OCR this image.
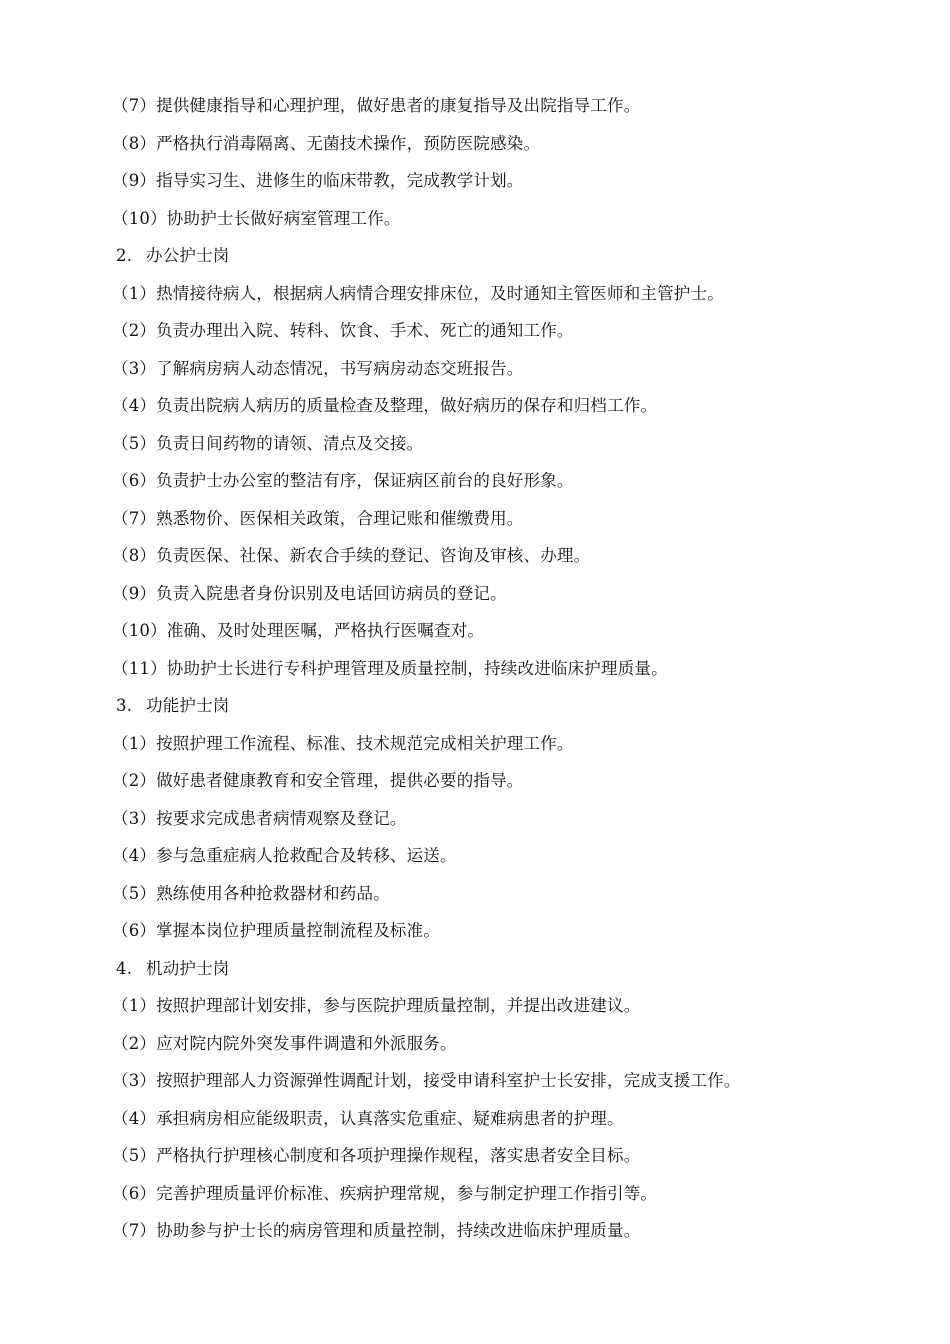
（7）提供健康指导和心理护理，做好患者的康复指导及出院指导工作。
（8）严格执行消毒隔离、无菌技术操作，预防医院感染。
（9）指导实习生、进修生的临床带教，完成教学计划。
（10）协助护士长做好病室管理工作。
2. 办公护士岗
（1）热情接待病人，根据病人病情合理安排床位，及时通知主管医师和主管护士。
（2）负责办理出入院、转科、饮食、手术、死亡的通知工作。
（3）了解病房病人动态情况，书写病房动态交班报告。
（4）负责出院病人病历的质量检查及整理，做好病历的保存和归档工作。
（5）负责日间药物的请领、清点及交接。
（6）负责护士办公室的整洁有序，保证病区前台的良好形象。
（7）熟悉物价、医保相关政策，合理记账和催缴费用。
（8）负责医保、社保、新农合手续的登记、咨询及审核、办理。
（9）负责入院患者身份识别及电话回访病员的登记。
（10）准确、及时处理医嘱，严格执行医嘱查对。
（11）协助护士长进行专科护理管理及质量控制，持续改进临床护理质量。
3. 功能护士岗
（1）按照护理工作流程、标准、技术规范完成相关护理工作。
（2）做好患者健康教育和安全管理，提供必要的指导。
（3）按要求完成患者病情观察及登记。
（4）参与急重症病人抢救配合及转移、运送。
（5）熟练使用各种抢救器材和药品。
（6）掌握本岗位护理质量控制流程及标准。
4. 机动护士岗
（1）按照护理部计划安排，参与医院护理质量控制，并提出改进建议。
（2）应对院内院外突发事件调遣和外派服务。
（3）按照护理部人力资源弹性调配计划，接受申请科室护士长安排，完成支援工作。
（4）承担病房相应能级职责，认真落实危重症、疑难病患者的护理。
（5）严格执行护理核心制度和各项护理操作规程，落实患者安全目标。
（6）完善护理质量评价标准、疾病护理常规，参与制定护理工作指引等。
（7）协助参与护士长的病房管理和质量控制，持续改进临床护理质量。
